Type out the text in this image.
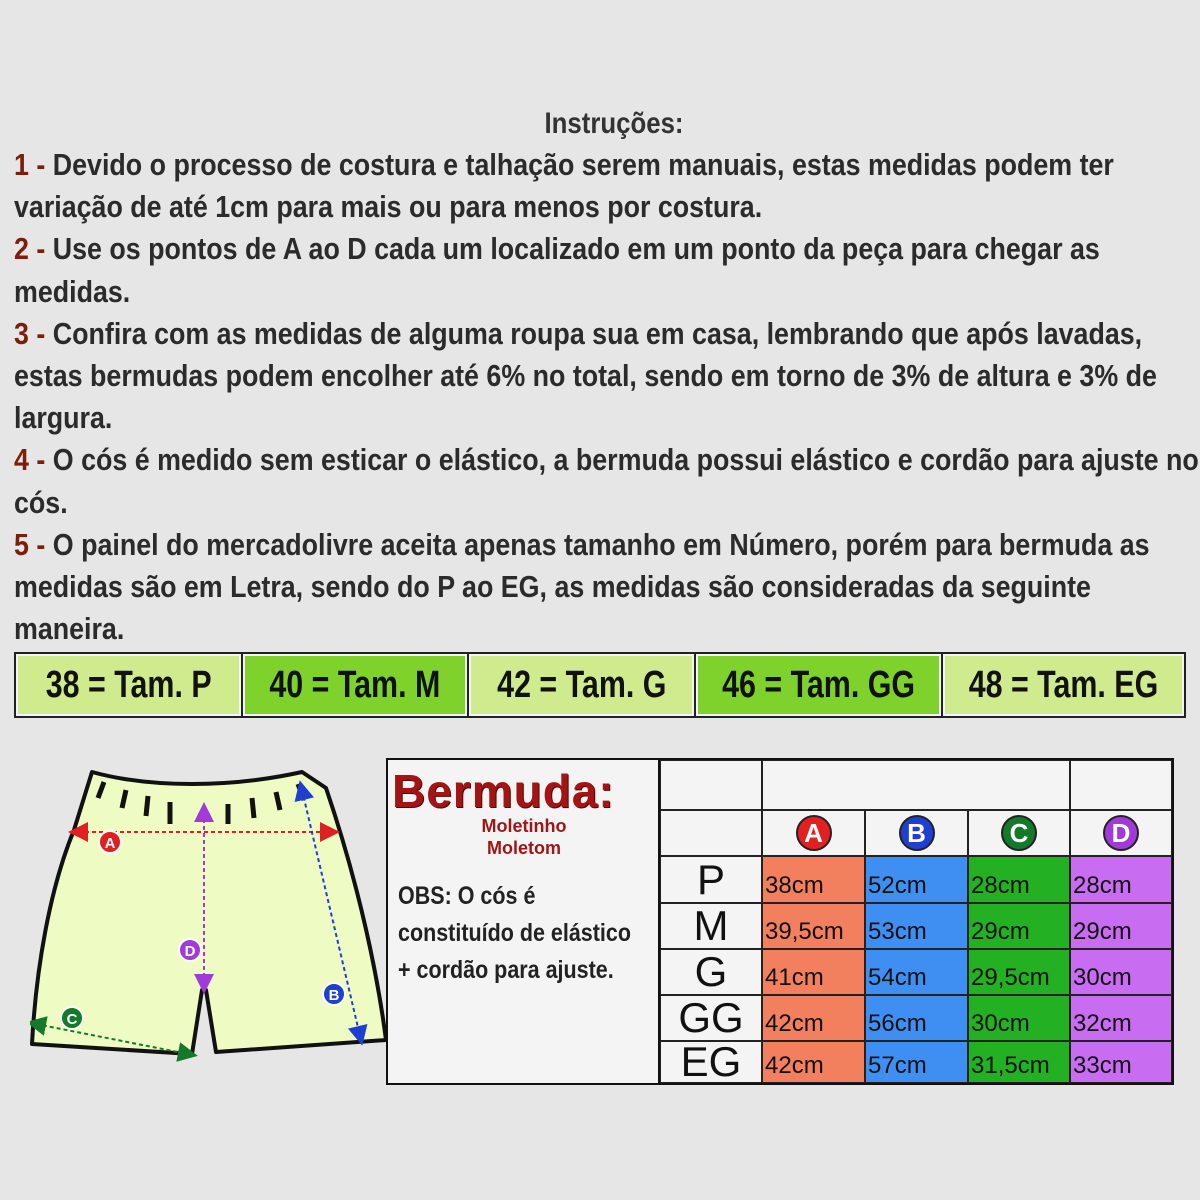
Instruções:
1 - Devido o processo de costura e talhação serem manuais, estas medidas podem ter variação de até 1cm para mais ou para menos por costura.
2 - Use os pontos de A ao D cada um localizado em um ponto da peça para chegar as medidas.
3 - Confira com as medidas de alguma roupa sua em casa, lembrando que após lavadas, estas bermudas podem encolher até 6% no total, sendo em torno de 3% de altura e 3% de largura.
4 - O cós é medido sem esticar o elástico, a bermuda possui elástico e cordão para ajuste no cós.
5 - O painel do mercadolivre aceita apenas tamanho em Número, porém para bermuda as medidas são em Letra, sendo do P ao EG, as medidas são consideradas da seguinte maneira.
38 = Tam. P 40 = Tam. M 42 = Tam. G 46 = Tam. GG 48 = Tam. EG
A
B
C
D
Bermuda:
Moletinho
Moletom
OBS: O cós é constituído de elástico + cordão para ajuste.
A	B	C	D
P	38cm	52cm	28cm	28cm
M	39,5cm	53cm	29cm	29cm
G	41cm	54cm	29,5cm 30cm
GG 42cm	56cm	30cm	32cm
EG 42cm	57cm	31,5cm 33cm
